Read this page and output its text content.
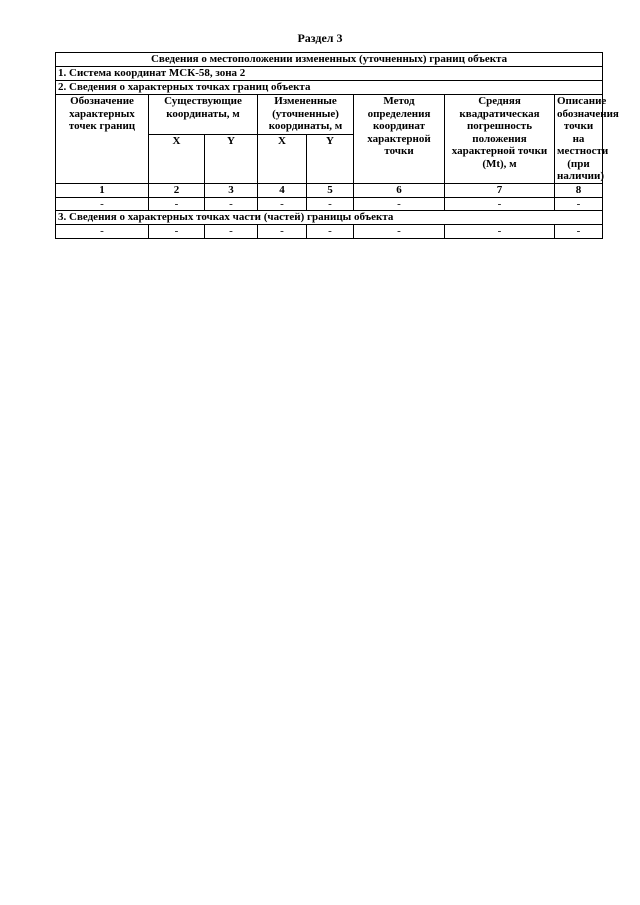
Раздел 3
Сведения о местоположении измененных (уточненных) границ объекта							
1. Система координат МСК-58, зона 2							
2. Сведения о характерных точках границ объекта							
Обозначение характерных точек границ	Существующие координаты, м		Измененные (уточненные) координаты, м		Метод определения координат характерной точки	Средняя квадратическая погрешность положения характерной точки (Mt), м	Описание обозначения точки на местности (при наличии)
	X	Y	X	Y			
1	2	3	4	5	6	7	8
-	-	-	-	-	-	-	-
3. Сведения о характерных точках части (частей) границы объекта							
-	-	-	-	-	-	-	-
